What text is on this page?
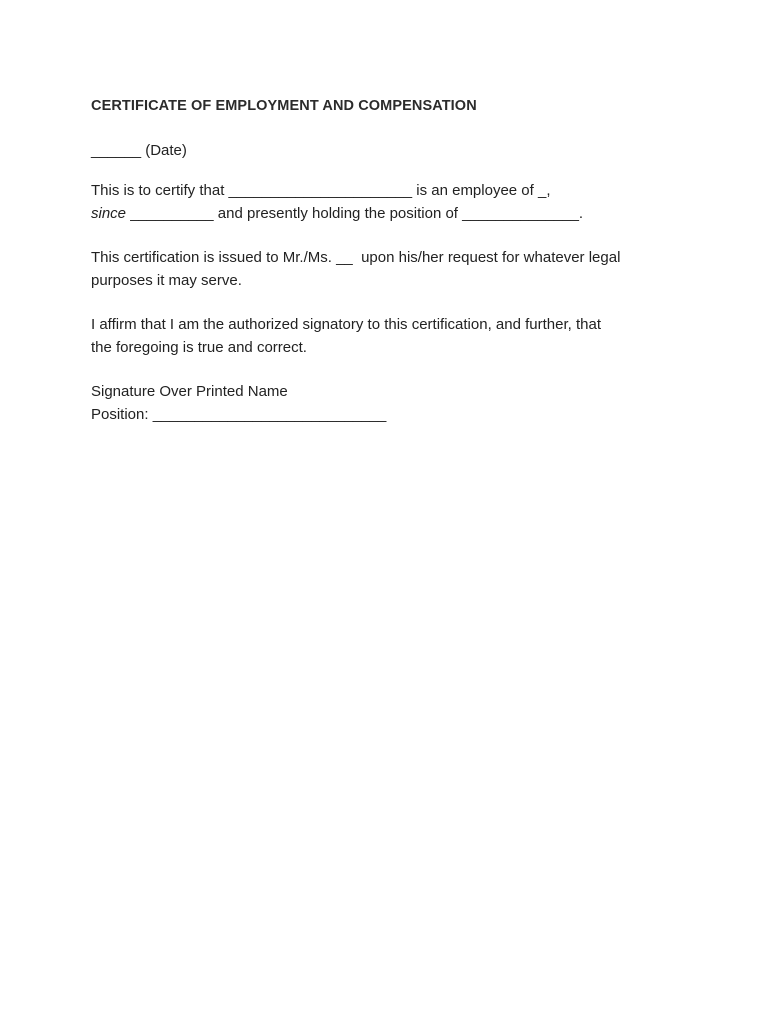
CERTIFICATE OF EMPLOYMENT AND COMPENSATION
______ (Date)
This is to certify that ______________________ is an employee of _,
since __________ and presently holding the position of ______________.
This certification is issued to Mr./Ms. __  upon his/her request for whatever legal
purposes it may serve.
I affirm that I am the authorized signatory to this certification, and further, that
the foregoing is true and correct.
Signature Over Printed Name
Position: ____________________________
